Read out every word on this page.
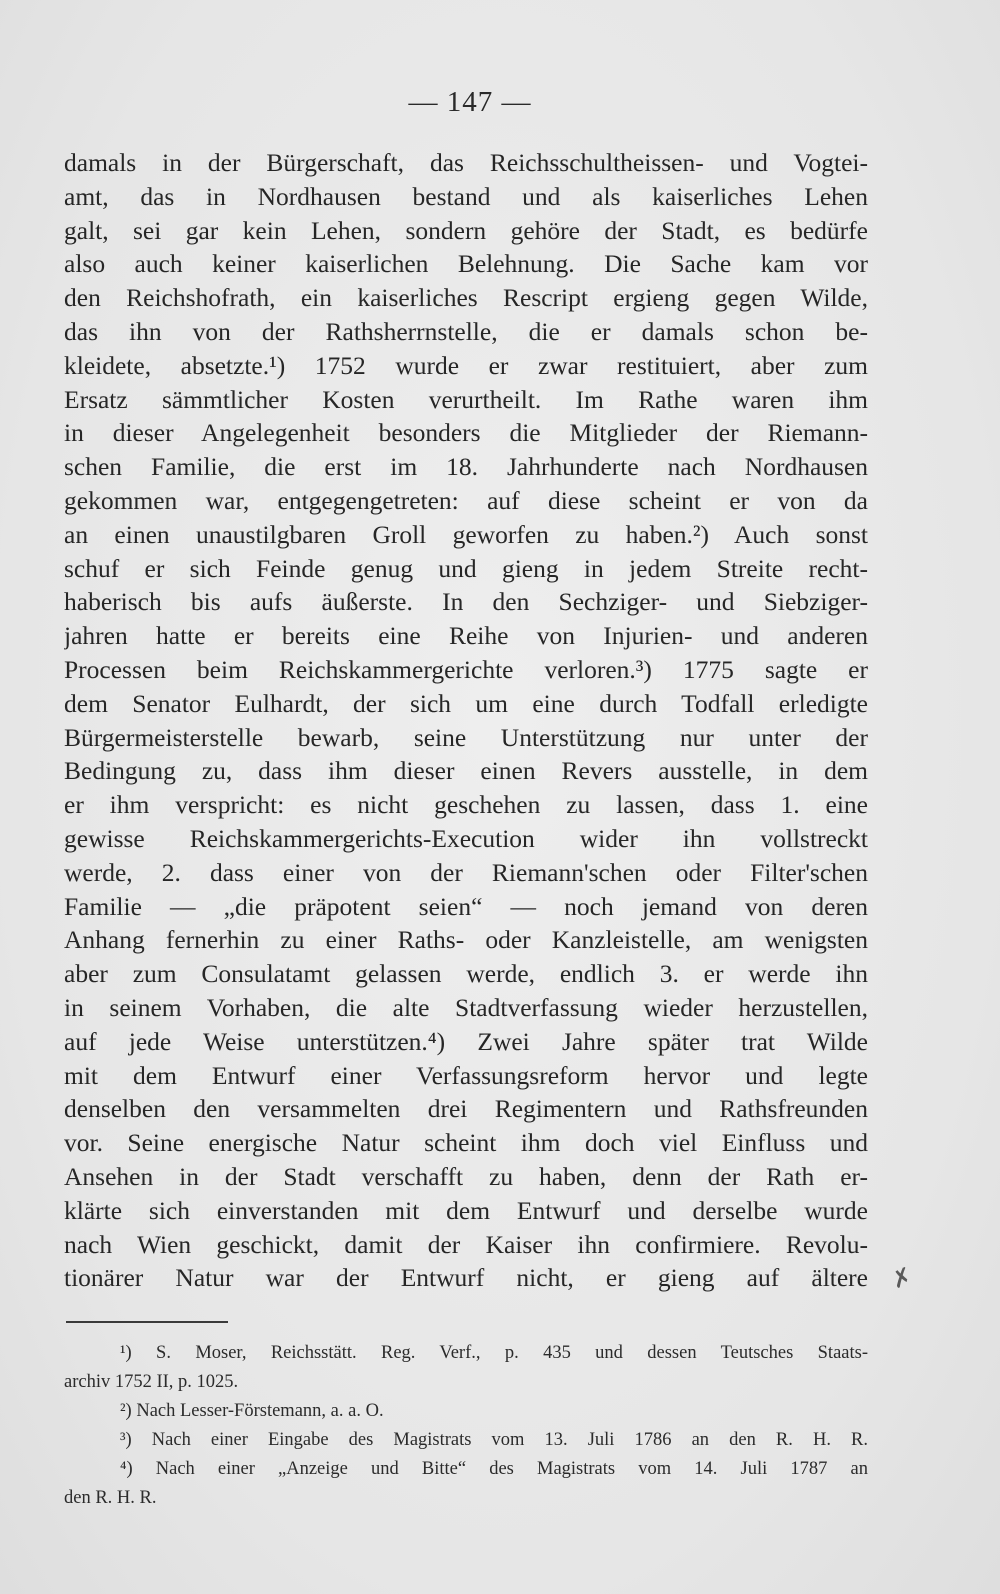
— 147 —
damals in der Bürgerschaft, das Reichsschultheissen- und Vogtei-
amt, das in Nordhausen bestand und als kaiserliches Lehen
galt, sei gar kein Lehen, sondern gehöre der Stadt, es bedürfe
also auch keiner kaiserlichen Belehnung. Die Sache kam vor
den Reichshofrath, ein kaiserliches Rescript ergieng gegen Wilde,
das ihn von der Rathsherrnstelle, die er damals schon be-
kleidete, absetzte.¹) 1752 wurde er zwar restituiert, aber zum
Ersatz sämmtlicher Kosten verurtheilt. Im Rathe waren ihm
in dieser Angelegenheit besonders die Mitglieder der Riemann-
schen Familie, die erst im 18. Jahrhunderte nach Nordhausen
gekommen war, entgegengetreten: auf diese scheint er von da
an einen unaustilgbaren Groll geworfen zu haben.²) Auch sonst
schuf er sich Feinde genug und gieng in jedem Streite recht-
haberisch bis aufs äußerste. In den Sechziger- und Siebziger-
jahren hatte er bereits eine Reihe von Injurien- und anderen
Processen beim Reichskammergerichte verloren.³) 1775 sagte er
dem Senator Eulhardt, der sich um eine durch Todfall erledigte
Bürgermeisterstelle bewarb, seine Unterstützung nur unter der
Bedingung zu, dass ihm dieser einen Revers ausstelle, in dem
er ihm verspricht: es nicht geschehen zu lassen, dass 1. eine
gewisse Reichskammergerichts-Execution wider ihn vollstreckt
werde, 2. dass einer von der Riemann'schen oder Filter'schen
Familie — „die präpotent seien“ — noch jemand von deren
Anhang fernerhin zu einer Raths- oder Kanzleistelle, am wenigsten
aber zum Consulatamt gelassen werde, endlich 3. er werde ihn
in seinem Vorhaben, die alte Stadtverfassung wieder herzustellen,
auf jede Weise unterstützen.⁴) Zwei Jahre später trat Wilde
mit dem Entwurf einer Verfassungsreform hervor und legte
denselben den versammelten drei Regimentern und Rathsfreunden
vor. Seine energische Natur scheint ihm doch viel Einfluss und
Ansehen in der Stadt verschafft zu haben, denn der Rath er-
klärte sich einverstanden mit dem Entwurf und derselbe wurde
nach Wien geschickt, damit der Kaiser ihn confirmiere. Revolu-
tionärer Natur war der Entwurf nicht, er gieng auf ältere ✗
¹) S. Moser, Reichsstätt. Reg. Verf., p. 435 und dessen Teutsches Staats-
archiv 1752 II, p. 1025.
²) Nach Lesser-Förstemann, a. a. O.
³) Nach einer Eingabe des Magistrats vom 13. Juli 1786 an den R. H. R.
⁴) Nach einer „Anzeige und Bitte“ des Magistrats vom 14. Juli 1787 an
den R. H. R.
